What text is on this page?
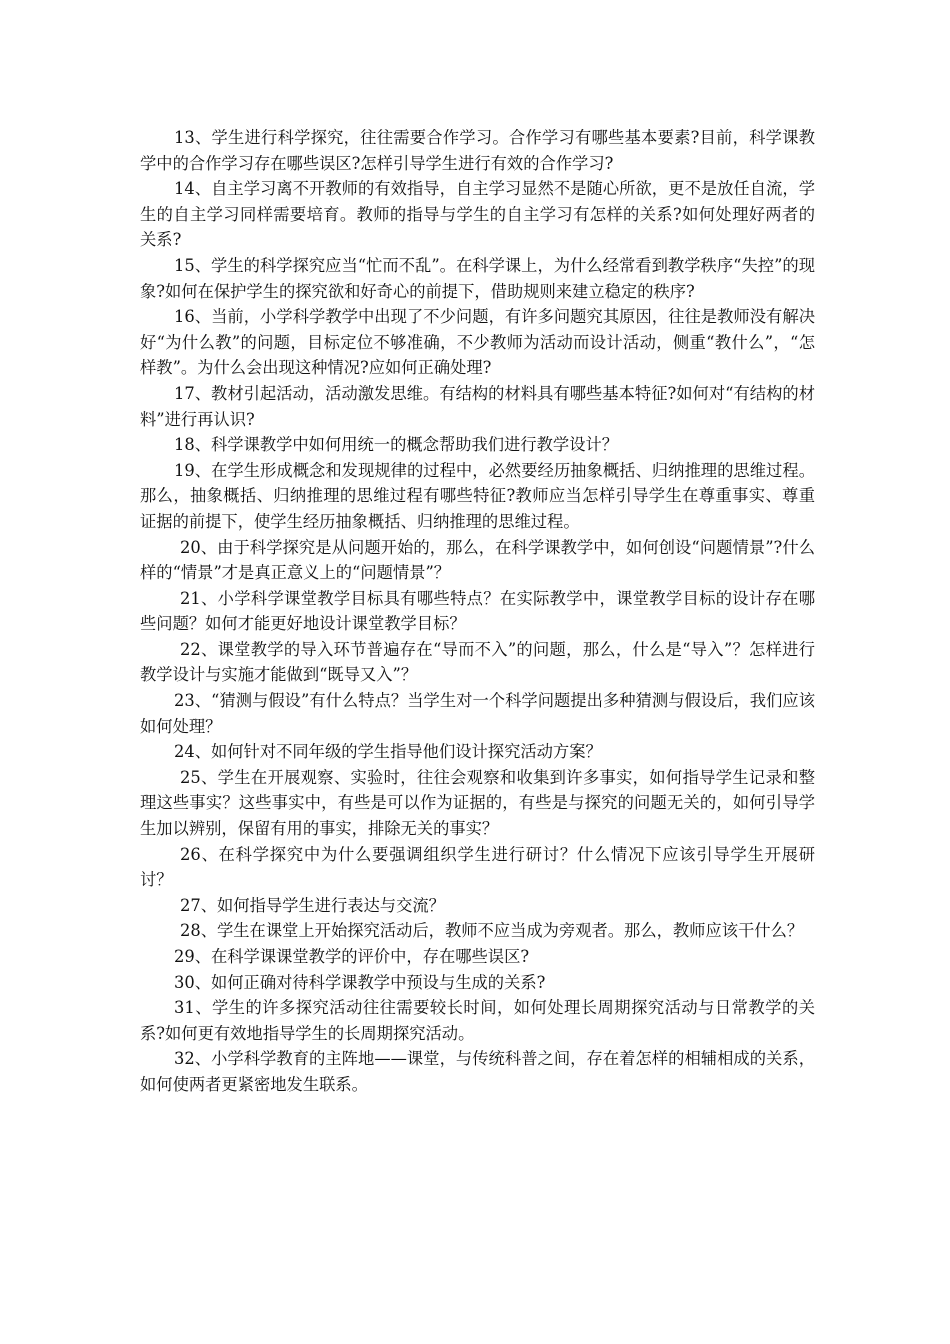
13、学生进行科学探究，往往需要合作学习。合作学习有哪些基本要素?目前，科学课教学中的合作学习存在哪些误区?怎样引导学生进行有效的合作学习?

14、自主学习离不开教师的有效指导，自主学习显然不是随心所欲，更不是放任自流，学生的自主学习同样需要培育。教师的指导与学生的自主学习有怎样的关系?如何处理好两者的关系?

15、学生的科学探究应当“忙而不乱”。在科学课上，为什么经常看到教学秩序“失控”的现象?如何在保护学生的探究欲和好奇心的前提下，借助规则来建立稳定的秩序?

16、当前，小学科学教学中出现了不少问题，有许多问题究其原因，往往是教师没有解决好“为什么教”的问题，目标定位不够准确，不少教师为活动而设计活动，侧重“教什么”，“怎样教”。为什么会出现这种情况?应如何正确处理?

17、教材引起活动，活动激发思维。有结构的材料具有哪些基本特征?如何对“有结构的材料”进行再认识?

18、科学课教学中如何用统一的概念帮助我们进行教学设计？

19、在学生形成概念和发现规律的过程中，必然要经历抽象概括、归纳推理的思维过程。那么，抽象概括、归纳推理的思维过程有哪些特征?教师应当怎样引导学生在尊重事实、尊重证据的前提下，使学生经历抽象概括、归纳推理的思维过程。

20、由于科学探究是从问题开始的，那么，在科学课教学中，如何创设“问题情景”?什么样的“情景”才是真正意义上的“问题情景”？

21、小学科学课堂教学目标具有哪些特点？在实际教学中，课堂教学目标的设计存在哪些问题？如何才能更好地设计课堂教学目标？

22、课堂教学的导入环节普遍存在“导而不入”的问题，那么，什么是“导入”？怎样进行教学设计与实施才能做到“既导又入”？

23、“猜测与假设”有什么特点？当学生对一个科学问题提出多种猜测与假设后，我们应该如何处理？

24、如何针对不同年级的学生指导他们设计探究活动方案？

25、学生在开展观察、实验时，往往会观察和收集到许多事实，如何指导学生记录和整理这些事实？这些事实中，有些是可以作为证据的，有些是与探究的问题无关的，如何引导学生加以辨别，保留有用的事实，排除无关的事实？

26、在科学探究中为什么要强调组织学生进行研讨？什么情况下应该引导学生开展研讨？

27、如何指导学生进行表达与交流？

28、学生在课堂上开始探究活动后，教师不应当成为旁观者。那么，教师应该干什么？

29、在科学课课堂教学的评价中，存在哪些误区?

30、如何正确对待科学课教学中预设与生成的关系?

31、学生的许多探究活动往往需要较长时间，如何处理长周期探究活动与日常教学的关系?如何更有效地指导学生的长周期探究活动。

32、小学科学教育的主阵地——课堂，与传统科普之间，存在着怎样的相辅相成的关系，如何使两者更紧密地发生联系。
